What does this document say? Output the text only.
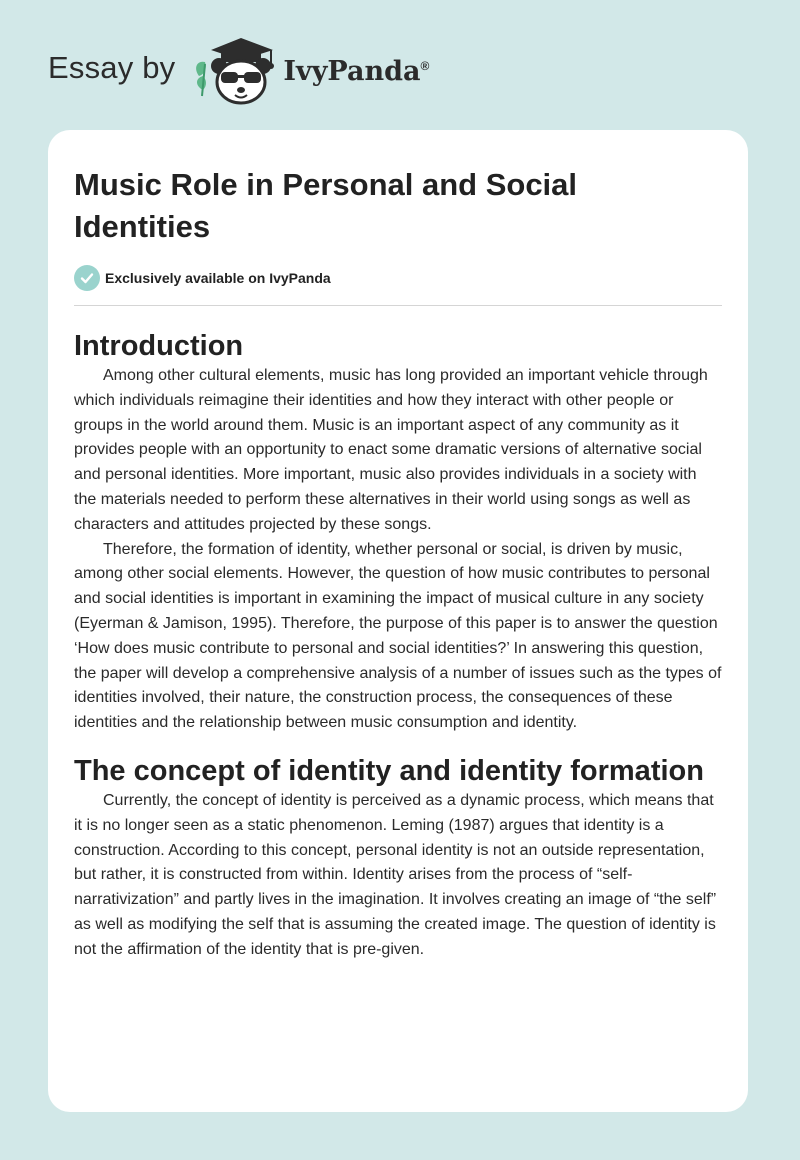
Essay by	IvyPanda®
Music Role in Personal and Social Identities
Exclusively available on IvyPanda
Introduction

Among other cultural elements, music has long provided an important vehicle through which individuals reimagine their identities and how they interact with other people or groups in the world around them. Music is an important aspect of any community as it provides people with an opportunity to enact some dramatic versions of alternative social and personal identities. More important, music also provides individuals in a society with the materials needed to perform these alternatives in their world using songs as well as characters and attitudes projected by these songs.

Therefore, the formation of identity, whether personal or social, is driven by music, among other social elements. However, the question of how music contributes to personal and social identities is important in examining the impact of musical culture in any society (Eyerman & Jamison, 1995). Therefore, the purpose of this paper is to answer the question ‘How does music contribute to personal and social identities?’ In answering this question, the paper will develop a comprehensive analysis of a number of issues such as the types of identities involved, their nature, the construction process, the consequences of these identities and the relationship between music consumption and identity.

The concept of identity and identity formation

Currently, the concept of identity is perceived as a dynamic process, which means that it is no longer seen as a static phenomenon. Leming (1987) argues that identity is a construction. According to this concept, personal identity is not an outside representation, but rather, it is constructed from within. Identity arises from the process of “self-narrativization” and partly lives in the imagination. It involves creating an image of “the self” as well as modifying the self that is assuming the created image. The question of identity is not the affirmation of the identity that is pre-given.
